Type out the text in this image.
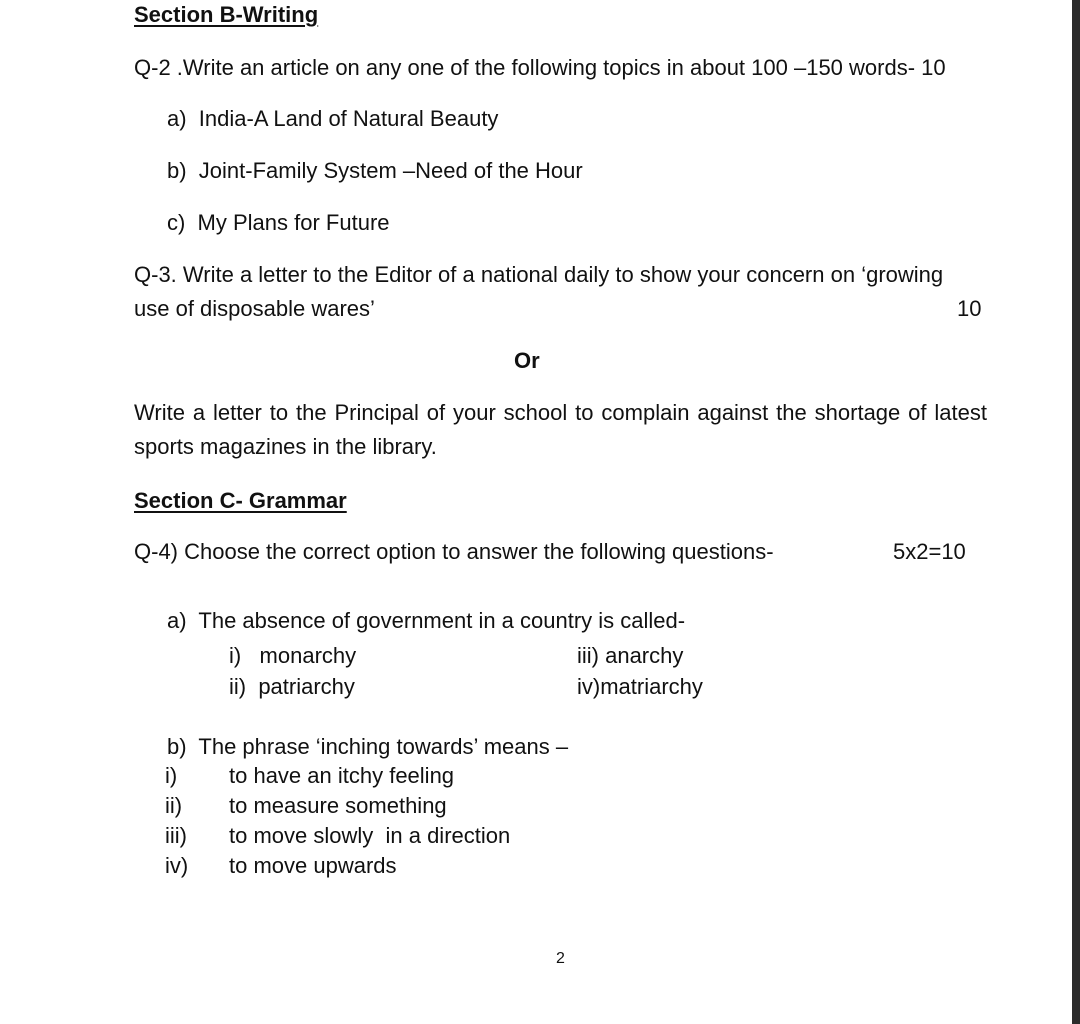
Section B-Writing
Q-2 .Write an article on any one of the following topics in about 100 –150 words- 10
a)  India-A Land of Natural Beauty
b)  Joint-Family System –Need of the Hour
c)  My Plans for Future
Q-3. Write a letter to the Editor of a national daily to show your concern on ‘growing
use of disposable wares’	10
Or
Write a letter to the Principal of your school to complain against the shortage of latest sports magazines in the library.
Section C- Grammar
Q-4) Choose the correct option to answer the following questions-	5x2=10
a)  The absence of government in a country is called-
i)   monarchy
ii)  patriarchy
iii) anarchy
iv)matriarchy
b)  The phrase ‘inching towards’ means –
i) to have an itchy feeling
ii) to measure something
iii) to move slowly  in a direction
iv) to move upwards
2
